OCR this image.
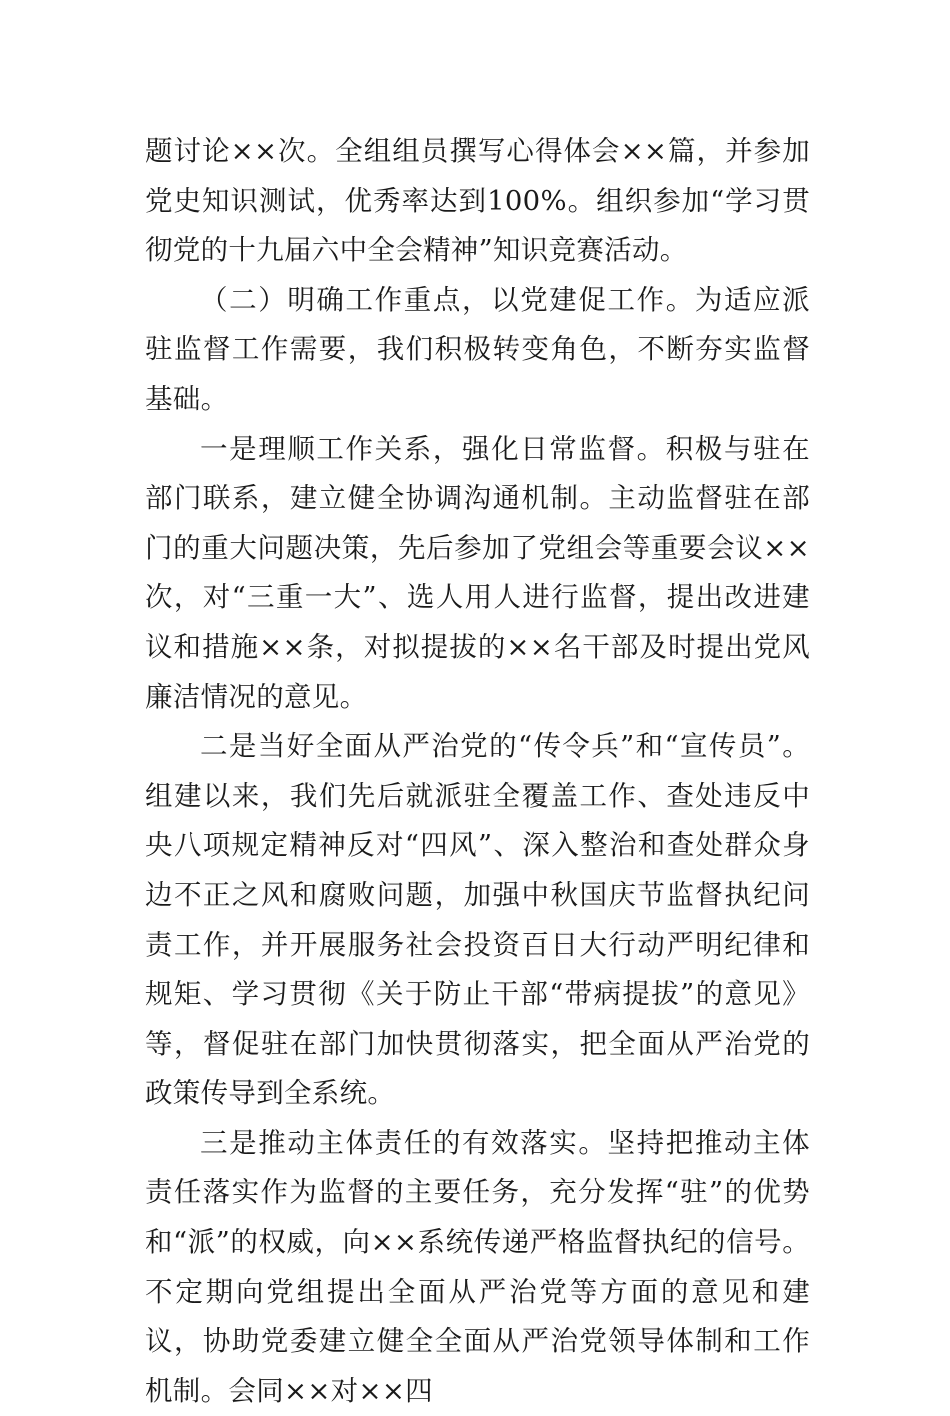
题讨论××次。全组组员撰写心得体会××篇，并参加党史知识测试，优秀率达到100%。组织参加“学习贯彻党的十九届六中全会精神”知识竞赛活动。

（二）明确工作重点，以党建促工作。为适应派驻监督工作需要，我们积极转变角色，不断夯实监督基础。

一是理顺工作关系，强化日常监督。积极与驻在部门联系，建立健全协调沟通机制。主动监督驻在部门的重大问题决策，先后参加了党组会等重要会议××次，对“三重一大”、选人用人进行监督，提出改进建议和措施××条，对拟提拔的××名干部及时提出党风廉洁情况的意见。

二是当好全面从严治党的“传令兵”和“宣传员”。组建以来，我们先后就派驻全覆盖工作、查处违反中央八项规定精神反对“四风”、深入整治和查处群众身边不正之风和腐败问题，加强中秋国庆节监督执纪问责工作，并开展服务社会投资百日大行动严明纪律和规矩、学习贯彻《关于防止干部“带病提拔”的意见》等，督促驻在部门加快贯彻落实，把全面从严治党的政策传导到全系统。

三是推动主体责任的有效落实。坚持把推动主体责任落实作为监督的主要任务，充分发挥“驻”的优势和“派”的权威，向××系统传递严格监督执纪的信号。不定期向党组提出全面从严治党等方面的意见和建议，协助党委建立健全全面从严治党领导体制和工作机制。会同××对××四
